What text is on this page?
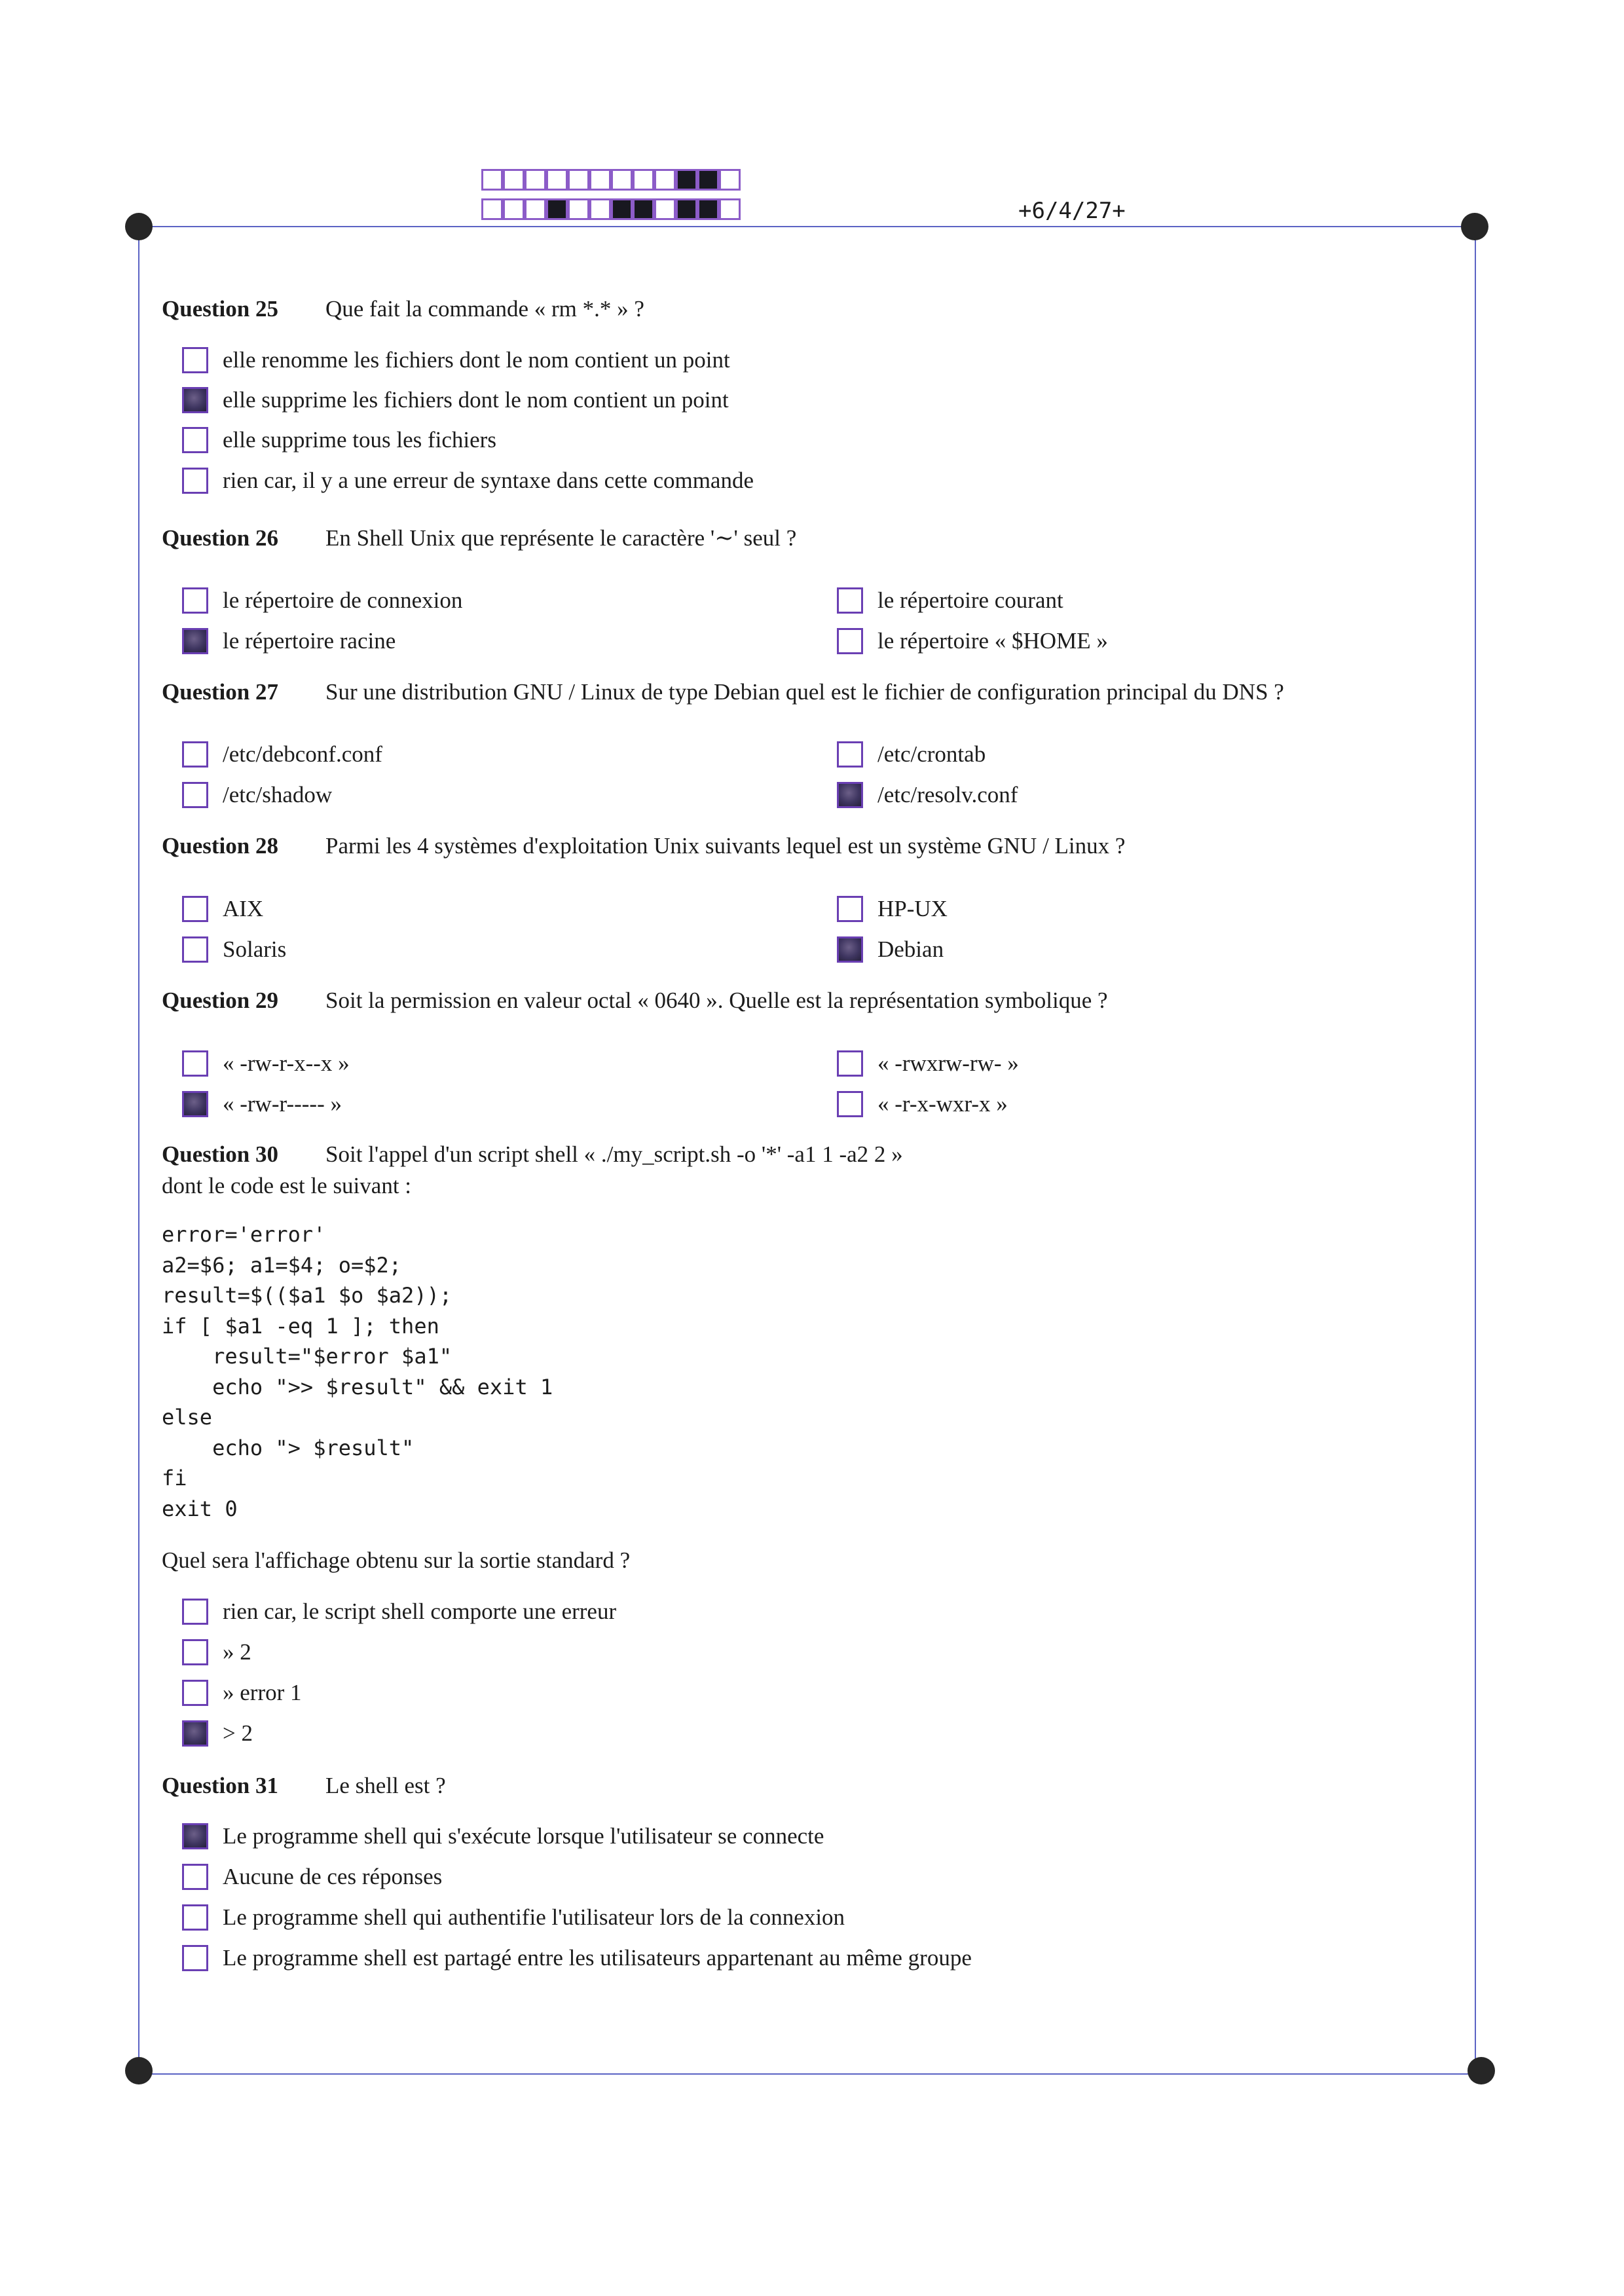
+6/4/27+
Question 25 Que fait la commande « rm *.* » ?
elle renomme les fichiers dont le nom contient un point
elle supprime les fichiers dont le nom contient un point
elle supprime tous les fichiers
rien car, il y a une erreur de syntaxe dans cette commande
Question 26 En Shell Unix que représente le caractère '∼' seul ?
le répertoire de connexion	le répertoire courant
le répertoire racine	le répertoire « $HOME »
Question 27 Sur une distribution GNU / Linux de type Debian quel est le fichier de configuration principal du DNS ?
/etc/debconf.conf	/etc/crontab
/etc/shadow	/etc/resolv.conf
Question 28 Parmi les 4 systèmes d'exploitation Unix suivants lequel est un système GNU / Linux ?
AIX	HP-UX
Solaris	Debian
Question 29 Soit la permission en valeur octal « 0640 ». Quelle est la représentation symbolique ?
« -rw-r-x--x »	« -rwxrw-rw- »
« -rw-r----- »	« -r-x-wxr-x »
Question 30 Soit l'appel d'un script shell « ./my_script.sh -o '*' -a1 1 -a2 2 »
dont le code est le suivant :
error='error'
a2=$6; a1=$4; o=$2;
result=$(($a1 $o $a2));
if [ $a1 -eq 1 ]; then
result="$error $a1"
echo ">> $result" && exit 1
else
echo "> $result"
fi
exit 0
Quel sera l'affichage obtenu sur la sortie standard ?
rien car, le script shell comporte une erreur
» 2
» error 1
> 2
Question 31 Le shell est ?
Le programme shell qui s'exécute lorsque l'utilisateur se connecte
Aucune de ces réponses
Le programme shell qui authentifie l'utilisateur lors de la connexion
Le programme shell est partagé entre les utilisateurs appartenant au même groupe
